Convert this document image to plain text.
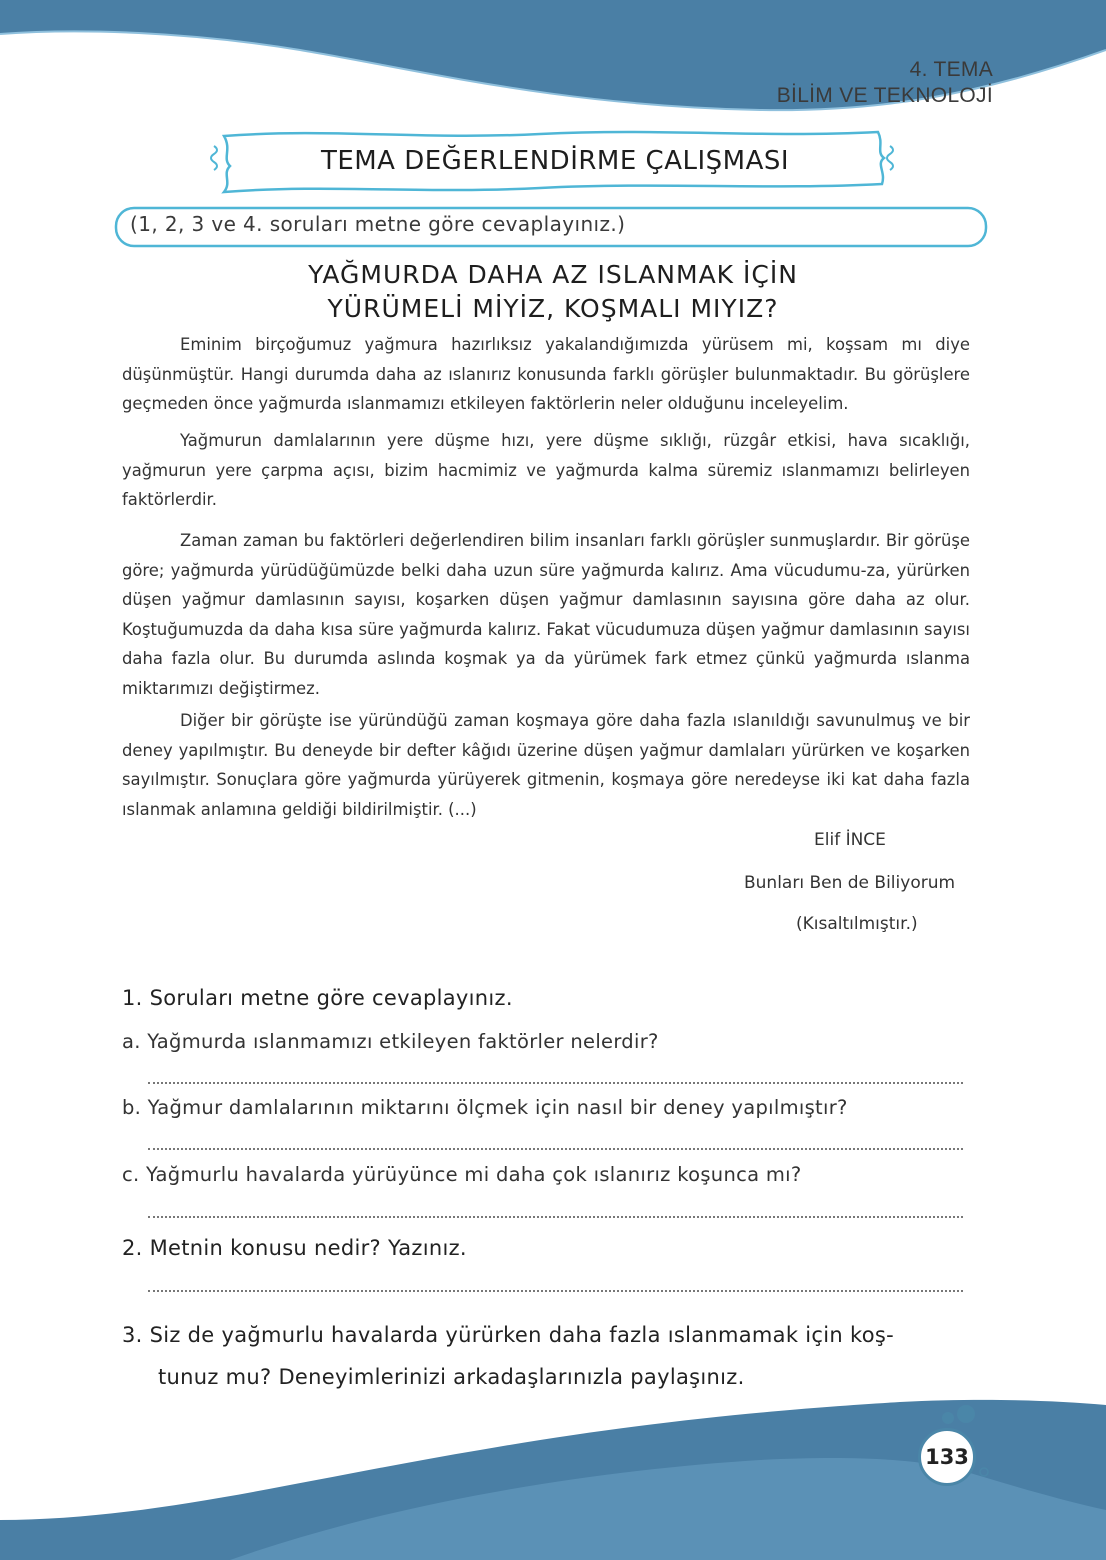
4. TEMA
BİLİM VE TEKNOLOJİ
TEMA DEĞERLENDİRME ÇALIŞMASI
(1, 2, 3 ve 4. soruları metne göre cevaplayınız.)
YAĞMURDA DAHA AZ ISLANMAK İÇİN
YÜRÜMELİ MİYİZ, KOŞMALI MIYIZ?

Eminim birçoğumuz yağmura hazırlıksız yakalandığımızda yürüsem mi, koşsam mı diye düşünmüştür. Hangi durumda daha az ıslanırız konusunda farklı görüşler bulunmaktadır. Bu görüşlere geçmeden önce yağmurda ıslanmamızı etkileyen faktörlerin neler olduğunu inceleyelim.

Yağmurun damlalarının yere düşme hızı, yere düşme sıklığı, rüzgâr etkisi, hava sıcaklığı, yağmurun yere çarpma açısı, bizim hacmimiz ve yağmurda kalma süremiz ıslanmamızı belirleyen faktörlerdir.

Zaman zaman bu faktörleri değerlendiren bilim insanları farklı görüşler sunmuşlardır. Bir görüşe göre; yağmurda yürüdüğümüzde belki daha uzun süre yağmurda kalırız. Ama vücudumu-za, yürürken düşen yağmur damlasının sayısı, koşarken düşen yağmur damlasının sayısına göre daha az olur. Koştuğumuzda da daha kısa süre yağmurda kalırız. Fakat vücudumuza düşen yağmur damlasının sayısı daha fazla olur. Bu durumda aslında koşmak ya da yürümek fark etmez çünkü yağmurda ıslanma miktarımızı değiştirmez.

Diğer bir görüşte ise yüründüğü zaman koşmaya göre daha fazla ıslanıldığı savunulmuş ve bir deney yapılmıştır. Bu deneyde bir defter kâğıdı üzerine düşen yağmur damlaları yürürken ve koşarken sayılmıştır. Sonuçlara göre yağmurda yürüyerek gitmenin, koşmaya göre neredeyse iki kat daha fazla ıslanmak anlamına geldiği bildirilmiştir. (...)

Elif İNCE
Bunları Ben de Biliyorum
(Kısaltılmıştır.)
1. Soruları metne göre cevaplayınız.
a. Yağmurda ıslanmamızı etkileyen faktörler nelerdir?
b. Yağmur damlalarının miktarını ölçmek için nasıl bir deney yapılmıştır?
c. Yağmurlu havalarda yürüyünce mi daha çok ıslanırız koşunca mı?
2. Metnin konusu nedir? Yazınız.
3. Siz de yağmurlu havalarda yürürken daha fazla ıslanmamak için koş-
tunuz mu? Deneyimlerinizi arkadaşlarınızla paylaşınız.
133
